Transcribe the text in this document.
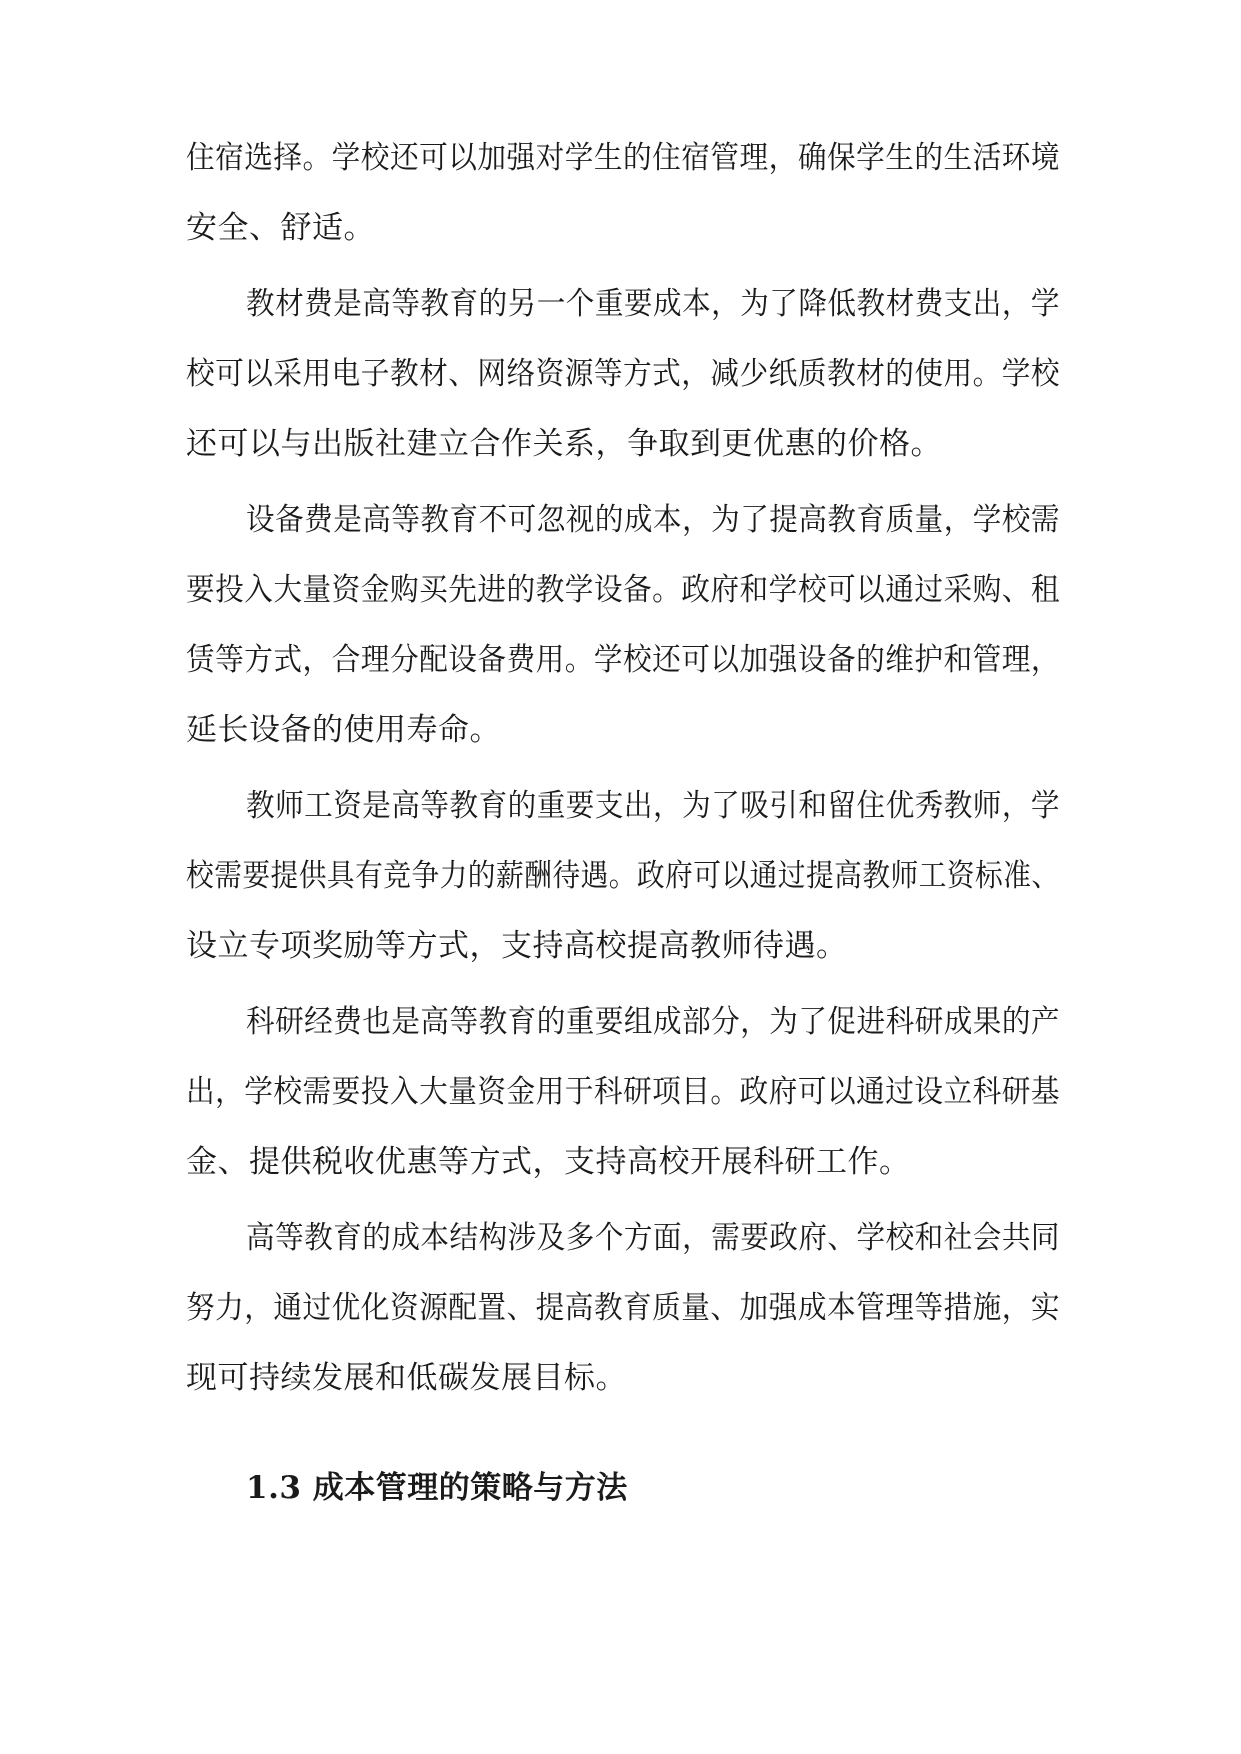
住宿选择。学校还可以加强对学生的住宿管理，确保学生的生活环境
安全、舒适。
教材费是高等教育的另一个重要成本，为了降低教材费支出，学
校可以采用电子教材、网络资源等方式，减少纸质教材的使用。学校
还可以与出版社建立合作关系，争取到更优惠的价格。
设备费是高等教育不可忽视的成本，为了提高教育质量，学校需
要投入大量资金购买先进的教学设备。政府和学校可以通过采购、租
赁等方式，合理分配设备费用。学校还可以加强设备的维护和管理，
延长设备的使用寿命。
教师工资是高等教育的重要支出，为了吸引和留住优秀教师，学
校需要提供具有竞争力的薪酬待遇。政府可以通过提高教师工资标准、
设立专项奖励等方式，支持高校提高教师待遇。
科研经费也是高等教育的重要组成部分，为了促进科研成果的产
出，学校需要投入大量资金用于科研项目。政府可以通过设立科研基
金、提供税收优惠等方式，支持高校开展科研工作。
高等教育的成本结构涉及多个方面，需要政府、学校和社会共同
努力，通过优化资源配置、提高教育质量、加强成本管理等措施，实
现可持续发展和低碳发展目标。
1.3 成本管理的策略与方法
